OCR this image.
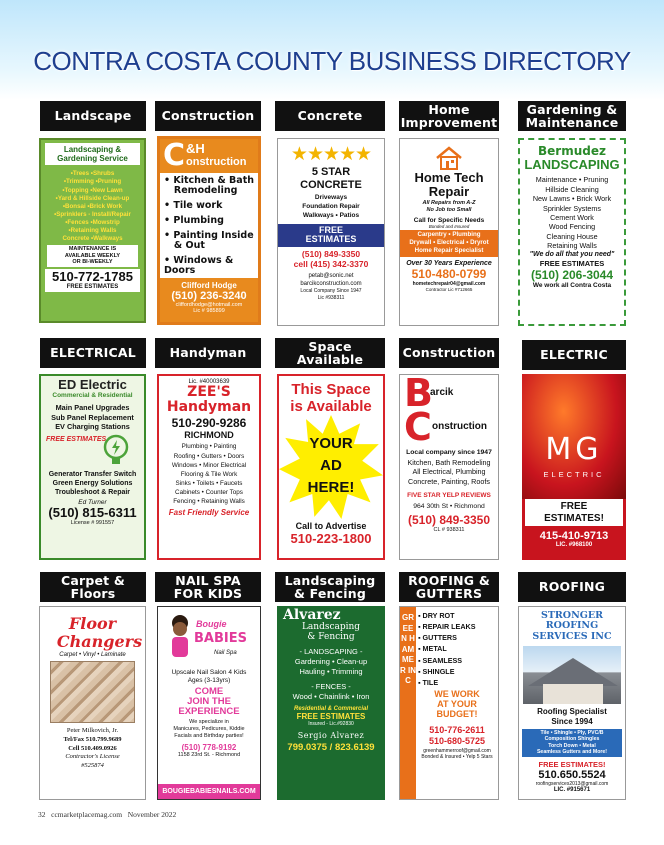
CONTRA COSTA COUNTY BUSINESS DIRECTORY
Landscape	Construction	Concrete	Home
Improvement
Gardening &
Maintenance
ELECTRICAL	Handyman	Space
Available	Construction	ELECTRIC
Carpet &
Floors
NAIL SPA
FOR KIDS
Landscaping
& Fencing
ROOFING &
GUTTERS	ROOFING
Landscaping &
Gardening Service

•Trees •Shrubs

•Trimming •Pruning

•Topping •New Lawn

•Yard & Hillside Clean-up

•Bonsai •Brick Work

•Sprinklers - Install/Repair

•Fences •Mowstrip

•Retaining Walls

Concrete •Walkways

MAINTENANCE IS
AVAILABLE WEEKLY
OR BI-WEEKLY
510-772-1785
FREE ESTIMATES
C &H
onstruction

• Kitchen & Bath
Remodeling

• Tile work

• Plumbing

• Painting Inside
& Out

• Windows & Doors

Clifford Hodge

(510) 236-3240

cliffordhodge@hotmail.com

Lic # 985899

★★★★★
5 STAR
CONCRETE
Driveways
Foundation Repair
Walkways • Patios
FREE
ESTIMATES

(510) 849-3350

cell (415) 342-3370

petab@sonic.net

barcikconstruction.com

Local Company Since 1947

Lic #938311

Home Tech
Repair
All Repairs from A-Z
No Job too Small
Call for Specific Needs
Bonded and Insured
Carpentry • Plumbing
Drywall • Electrical • Dryrot
Home Repair Specialist
Over 30 Years Experience
510-480-0799
hometechrepair04@gmail.com
Contractor Lic #712665
Bermudez
LANDSCAPING

Maintenance • Pruning

Hillside Cleaning

New Lawns • Brick Work

Sprinkler Systems

Cement Work

Wood Fencing

Cleaning House

Retaining Walls

"We do all that you need"
FREE ESTIMATES
(510) 206-3044
We work all Contra Costa
ED Electric
Commercial & Residential
Main Panel Upgrades
Sub Panel Replacement
EV Charging Stations
FREE ESTIMATES
Generator Transfer Switch
Green Energy Solutions
Troubleshoot & Repair
Ed Turner
(510) 815-6311
License # 991557
Lic. #40003639
ZEE'S
Handyman
510-290-9286
RICHMOND

Plumbing • Painting

Roofing • Gutters • Doors

Windows • Minor Electrical

Flooring & Tile Work

Sinks • Toilets • Faucets

Cabinets • Counter Tops

Fencing • Retaining Walls

Fast Friendly Service
This Space
is Available
YOUR
AD
HERE!
Call to Advertise
510-223-1800
B
arcik
C onstruction
Local company since 1947
Kitchen, Bath Remodeling
All Electrical, Plumbing
Concrete, Painting, Roofs
FIVE STAR YELP REVIEWS
964 30th St • Richmond
(510) 849-3350
CL # 938311
MG
ELECTRIC
FREE
ESTIMATES!
415-410-9713
LIC. #968100

Floor

Changers

Carpet • Vinyl • Laminate

Peter Milkovich, Jr.

Tel/Fax 510.799.9689

Cell 510.409.0926

Contractor's License

#525874

Bougie
BABIES
Nail Spa
Upscale Nail Salon 4 Kids
Ages (3-13yrs)
COME
JOIN THE
EXPERIENCE
We specialize in
Manicures, Pedicures, Kiddie
Facials and Birthday parties!
(510) 778-9192
1158 23rd St. - Richmond
BOUGIEBABIESNAILS.COM
Alvarez
Landscaping
& Fencing

- LANDSCAPING -

Gardening • Clean-up
Hauling • Trimming

- FENCES -

Wood • Chainlink • Iron

Residential & Commercial
FREE ESTIMATES
Insured - Lic.#92830
Sergio Alvarez
799.0375 / 823.6139
GREEN HAMMER INC

▪ DRY ROT

▪ REPAIR LEAKS

▪ GUTTERS

▪ METAL

▪ SEAMLESS

▪ SHINGLE

▪ TILE

WE WORK
AT YOUR
BUDGET!

510-776-2611

510-680-5725

greenhammerroof@gmail.com
Bonded & Insured • Yelp 5 Stars
STRONGER
ROOFING
SERVICES INC
Roofing Specialist
Since 1994
Tile • Shingle • Ply, PVC/B
Composition Shingles
Torch Down • Metal
Seamless Gutters and More!
FREE ESTIMATES!
510.650.5524
roofingservices2013@gmail.com
LIC. #915671
32 ccmarketplacemag.com November 2022
